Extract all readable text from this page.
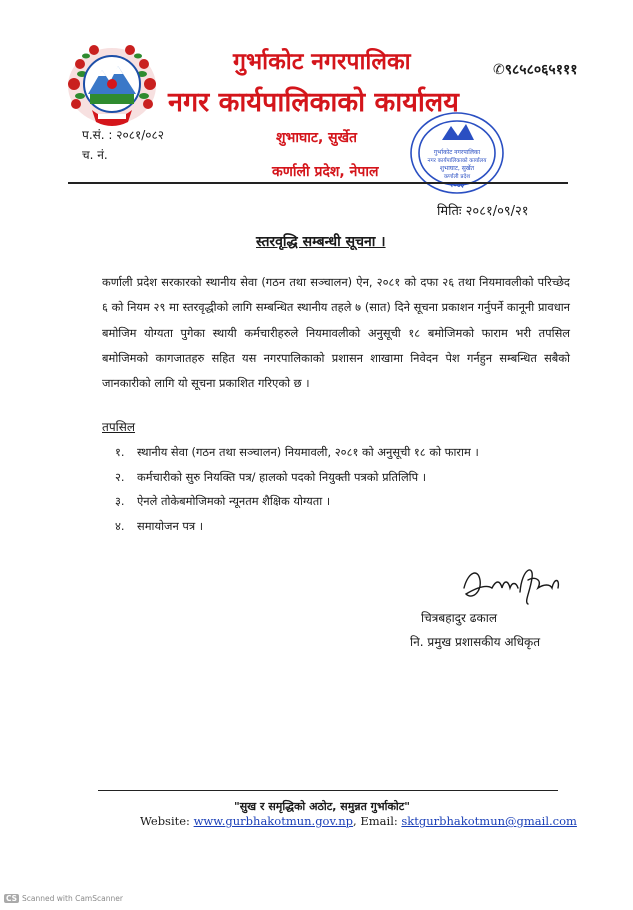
गुर्भाकोट नगरपालिका
नगर कार्यपालिकाको कार्यालय
✆९८५८०६५१११
शुभाघाट, सुर्खेत
कर्णाली प्रदेश, नेपाल
प.सं. : २०८१/०८२
च. नं.	गुर्भाकोट नगरपालिका
नगर कार्यपालिकाको कार्यालय
शुभाघाट, सुर्खेत
कर्णाली प्रदेश
२०७३
मितिः २०८१/०९/२१
स्तरवृद्धि सम्बन्धी सूचना ।
कर्णाली प्रदेश सरकारको स्थानीय सेवा (गठन तथा सञ्चालन) ऐन, २०८१ को दफा २६ तथा नियमावलीको परिच्छेद ६ को नियम २९ मा स्तरवृद्धीको लागि सम्बन्धित स्थानीय तहले ७ (सात) दिने सूचना प्रकाशन गर्नुपर्ने कानूनी प्रावधान बमोजिम योग्यता पुगेका स्थायी कर्मचारीहरुले नियमावलीको अनुसूची १८ बमोजिमको फाराम भरी तपसिल बमोजिमको कागजातहरु सहित यस नगरपालिकाको प्रशासन शाखामा निवेदन पेश गर्नहुन सम्बन्धित सबैको जानकारीको लागि यो सूचना प्रकाशित गरिएको छ ।
तपसिल
१. स्थानीय सेवा (गठन तथा सञ्चालन) नियमावली, २०८१ को अनुसूची १८ को फाराम ।
२. कर्मचारीको सुरु नियक्ति पत्र/ हालको पदको नियुक्ती पत्रको प्रतिलिपि ।
३. ऐनले तोकेबमोजिमको न्यूनतम शैक्षिक योग्यता ।
४. समायोजन पत्र ।
चित्रबहादुर ढकाल
नि. प्रमुख प्रशासकीय अधिकृत
"सुख र समृद्धिको अठोट, समुन्नत गुर्भाकोट"
Website: www.gurbhakotmun.gov.np, Email: sktgurbhakotmun@gmail.com
CS Scanned with CamScanner
